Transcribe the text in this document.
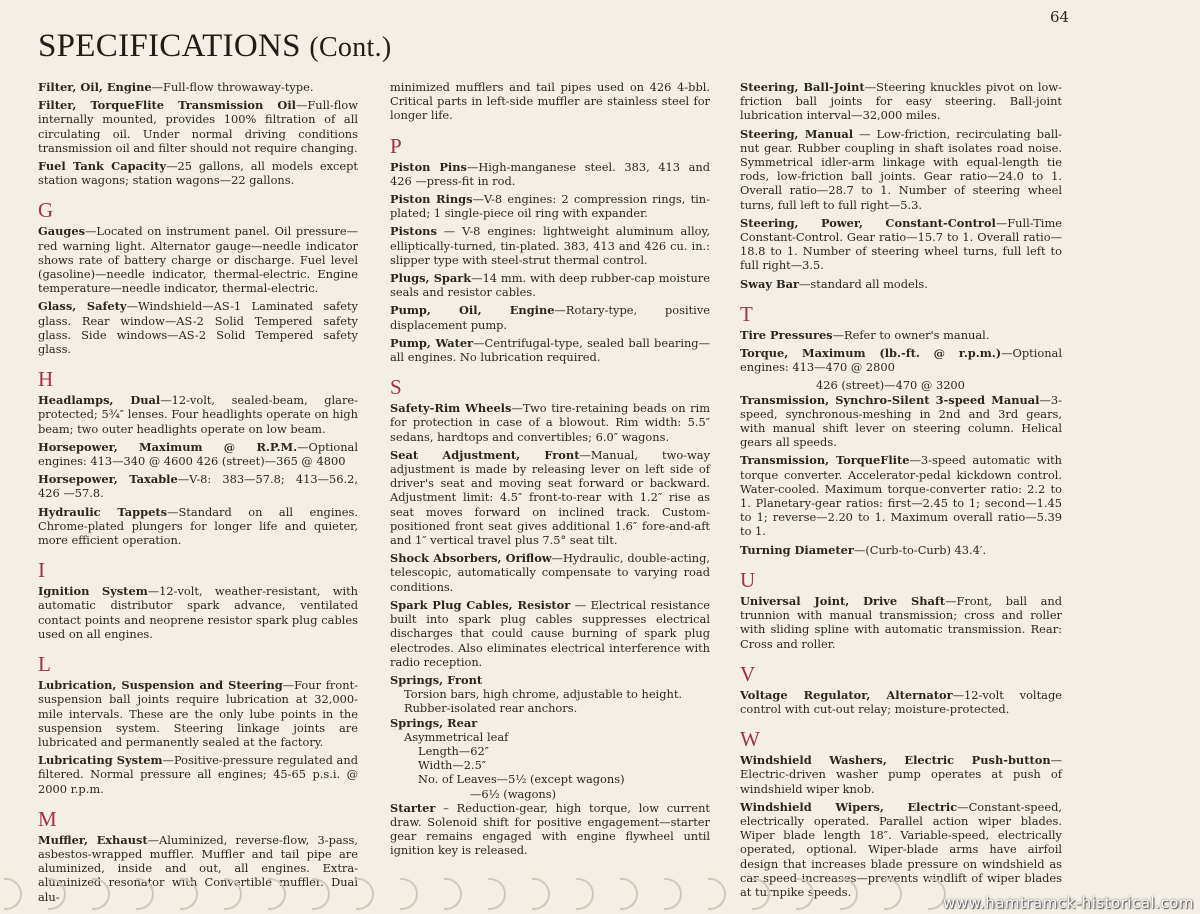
64
SPECIFICATIONS (Cont.)

Filter, Oil, Engine—Full-flow throwaway-type.

Filter, TorqueFlite Transmission Oil—Full-flow internally mounted, provides 100% filtration of all circulating oil. Under normal driving conditions transmission oil and filter should not require changing.

Fuel Tank Capacity—25 gallons, all models except station wagons; station wagons—22 gallons.

G

Gauges—Located on instrument panel. Oil pressure—red warning light. Alternator gauge—needle indicator shows rate of battery charge or discharge. Fuel level (gasoline)—needle indicator, thermal-electric. Engine temperature—needle indicator, thermal-electric.

Glass, Safety—Windshield—AS-1 Laminated safety glass. Rear window—AS-2 Solid Tempered safety glass. Side windows—AS-2 Solid Tempered safety glass.

H

Headlamps, Dual—12-volt, sealed-beam, glare-protected; 5¾″ lenses. Four headlights operate on high beam; two outer headlights operate on low beam.

Horsepower, Maximum @ R.P.M.—Optional engines: 413—340 @ 4600 426 (street)—365 @ 4800

Horsepower, Taxable—V-8: 383—57.8; 413—56.2, 426 —57.8.

Hydraulic Tappets—Standard on all engines. Chrome-plated plungers for longer life and quieter, more efficient operation.

I

Ignition System—12-volt, weather-resistant, with automatic distributor spark advance, ventilated contact points and neoprene resistor spark plug cables used on all engines.

L

Lubrication, Suspension and Steering—Four front-suspension ball joints require lubrication at 32,000-mile intervals. These are the only lube points in the suspension system. Steering linkage joints are lubricated and permanently sealed at the factory.

Lubricating System—Positive-pressure regulated and filtered. Normal pressure all engines; 45-65 p.s.i. @ 2000 r.p.m.

M

Muffler, Exhaust—Aluminized, reverse-flow, 3-pass, asbestos-wrapped muffler. Muffler and tail pipe are aluminized, inside and out, all engines. Extra-aluminized resonator with Convertible muffler. Dual alu-

minimized mufflers and tail pipes used on 426 4-bbl. Critical parts in left-side muffler are stainless steel for longer life.

P

Piston Pins—High-manganese steel. 383, 413 and 426 —press-fit in rod.

Piston Rings—V-8 engines: 2 compression rings, tin-plated; 1 single-piece oil ring with expander.

Pistons — V-8 engines: lightweight aluminum alloy, elliptically-turned, tin-plated. 383, 413 and 426 cu. in.: slipper type with steel-strut thermal control.

Plugs, Spark—14 mm. with deep rubber-cap moisture seals and resistor cables.

Pump, Oil, Engine—Rotary-type, positive displacement pump.

Pump, Water—Centrifugal-type, sealed ball bearing—all engines. No lubrication required.

S

Safety-Rim Wheels—Two tire-retaining beads on rim for protection in case of a blowout. Rim width: 5.5″ sedans, hardtops and convertibles; 6.0″ wagons.

Seat Adjustment, Front—Manual, two-way adjustment is made by releasing lever on left side of driver's seat and moving seat forward or backward. Adjustment limit: 4.5″ front-to-rear with 1.2″ rise as seat moves forward on inclined track. Custom-positioned front seat gives additional 1.6″ fore-and-aft and 1″ vertical travel plus 7.5° seat tilt.

Shock Absorbers, Oriflow—Hydraulic, double-acting, telescopic, automatically compensate to varying road conditions.

Spark Plug Cables, Resistor — Electrical resistance built into spark plug cables suppresses electrical discharges that could cause burning of spark plug electrodes. Also eliminates electrical interference with radio reception.

Springs, Front

Torsion bars, high chrome, adjustable to height.

Rubber-isolated rear anchors.

Springs, Rear

Asymmetrical leaf

Length—62″

Width—2.5″

No. of Leaves—5½ (except wagons)

—6½ (wagons)

Starter – Reduction-gear, high torque, low current draw. Solenoid shift for positive engagement—starter gear remains engaged with engine flywheel until ignition key is released.

Steering, Ball-Joint—Steering knuckles pivot on low-friction ball joints for easy steering. Ball-joint lubrication interval—32,000 miles.

Steering, Manual — Low-friction, recirculating ball-nut gear. Rubber coupling in shaft isolates road noise. Symmetrical idler-arm linkage with equal-length tie rods, low-friction ball joints. Gear ratio—24.0 to 1. Overall ratio—28.7 to 1. Number of steering wheel turns, full left to full right—5.3.

Steering, Power, Constant-Control—Full-Time Constant-Control. Gear ratio—15.7 to 1. Overall ratio—18.8 to 1. Number of steering wheel turns, full left to full right—3.5.

Sway Bar—standard all models.

T

Tire Pressures—Refer to owner's manual.

Torque, Maximum (lb.-ft. @ r.p.m.)—Optional engines: 413—470 @ 2800

426 (street)—470 @ 3200

Transmission, Synchro-Silent 3-speed Manual—3-speed, synchronous-meshing in 2nd and 3rd gears, with manual shift lever on steering column. Helical gears all speeds.

Transmission, TorqueFlite—3-speed automatic with torque converter. Accelerator-pedal kickdown control. Water-cooled. Maximum torque-converter ratio: 2.2 to 1. Planetary-gear ratios: first—2.45 to 1; second—1.45 to 1; reverse—2.20 to 1. Maximum overall ratio—5.39 to 1.

Turning Diameter—(Curb-to-Curb) 43.4′.

U

Universal Joint, Drive Shaft—Front, ball and trunnion with manual transmission; cross and roller with sliding spline with automatic transmission. Rear: Cross and roller.

V

Voltage Regulator, Alternator—12-volt voltage control with cut-out relay; moisture-protected.

W

Windshield Washers, Electric Push-button—Electric-driven washer pump operates at push of windshield wiper knob.

Windshield Wipers, Electric—Constant-speed, electrically operated. Parallel action wiper blades. Wiper blade length 18″. Variable-speed, electrically operated, optional. Wiper-blade arms have airfoil design that increases blade pressure on windshield as car speed increases—prevents windlift of wiper blades at turnpike speeds.

www.hamtramck-historical.com
